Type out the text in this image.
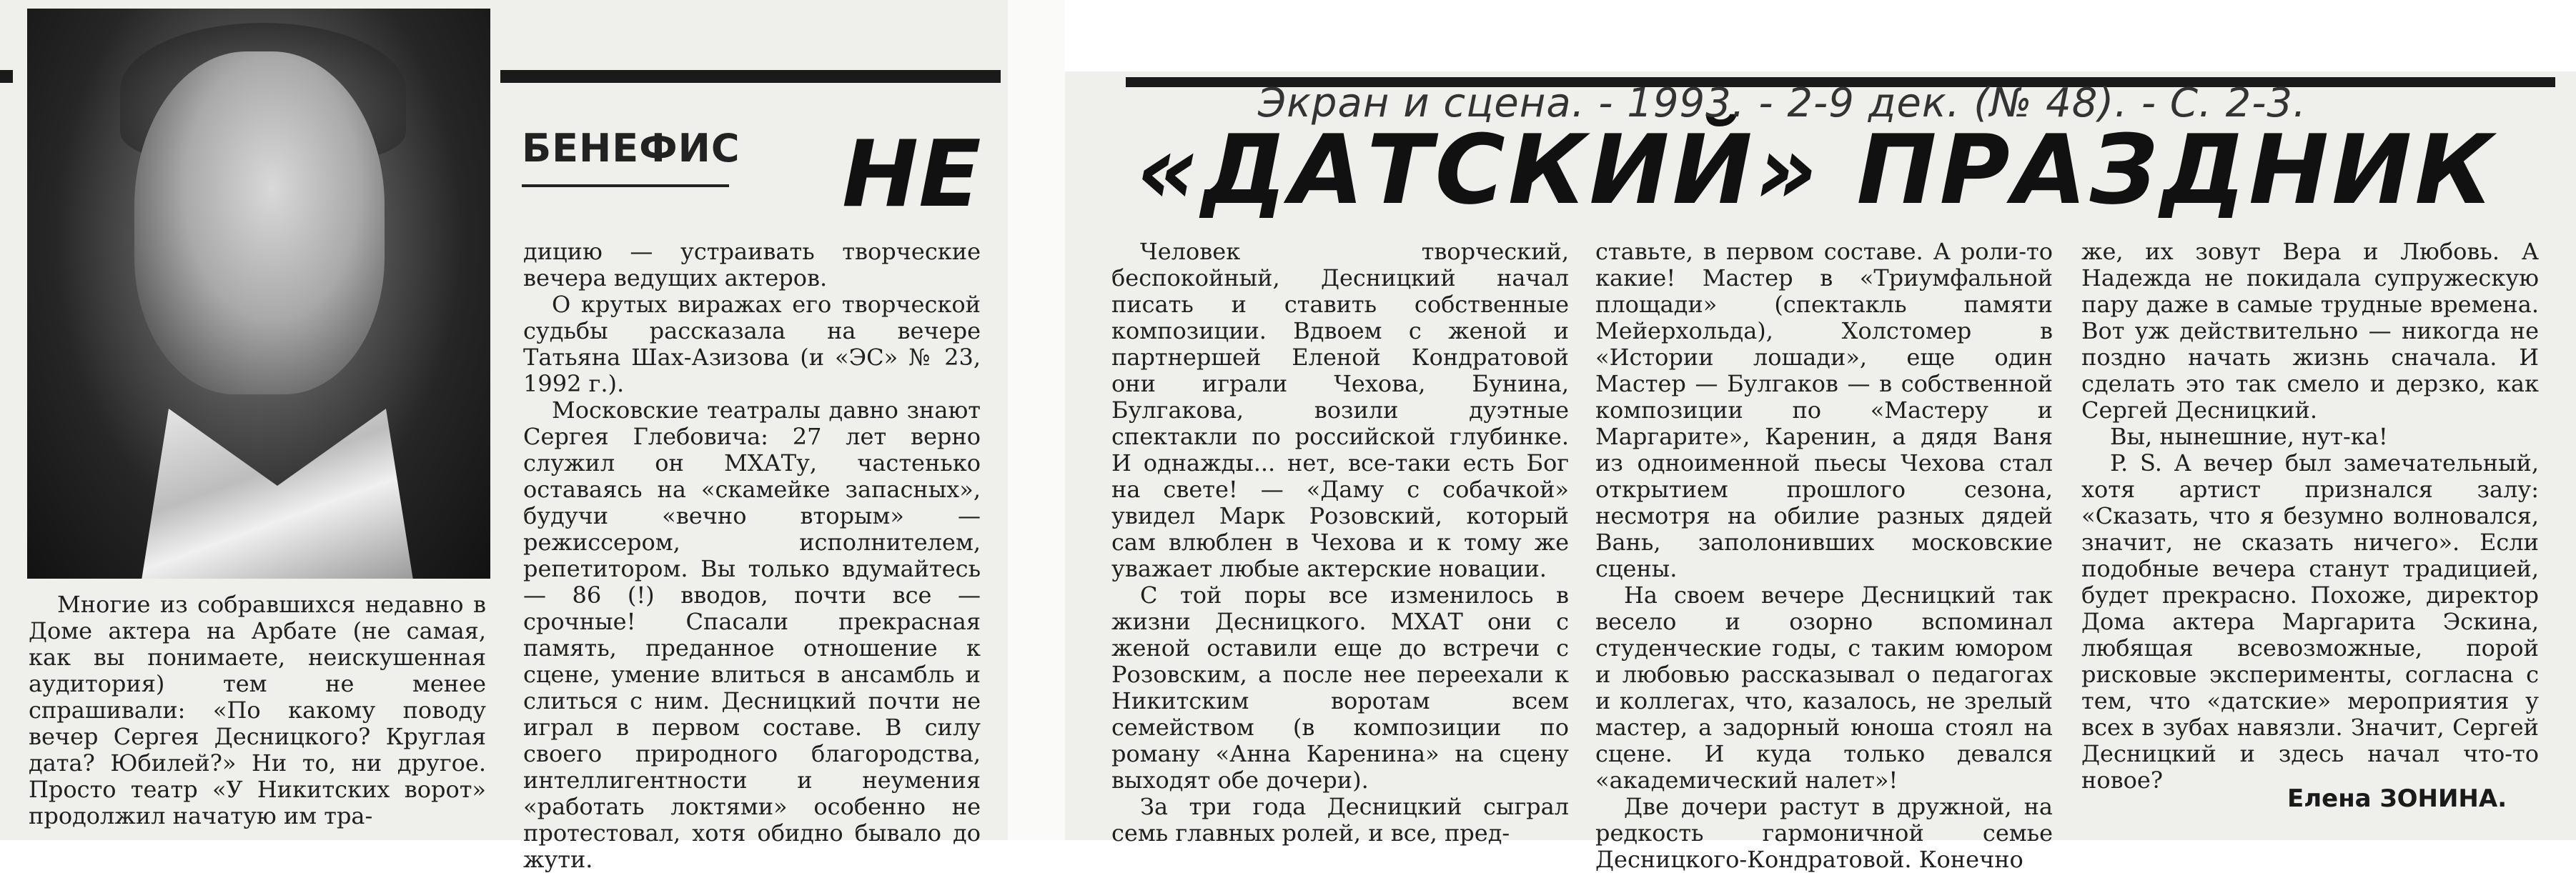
БЕНЕФИС НЕ «ДАТСКИЙ» ПРАЗДНИК
Экран и сцена. - 1993. - 2-9 дек. (№ 48). - С. 2-3.

Многие из собравшихся недавно в Доме актера на Арбате (не самая, как вы понимаете, неискушенная аудитория) тем не менее спрашивали: «По какому поводу вечер Сергея Десницкого? Круглая дата? Юбилей?» Ни то, ни другое. Просто театр «У Никитских ворот» продолжил начатую им тра-

дицию — устраивать творческие вечера ведущих актеров.

О крутых виражах его творческой судьбы рассказала на вечере Татьяна Шах-Азизова (и «ЭС» № 23, 1992 г.).

Московские театралы давно знают Сергея Глебовича: 27 лет верно служил он МХАТу, частенько оставаясь на «скамейке запасных», будучи «вечно вторым» — режиссером, исполнителем, репетитором. Вы только вдумайтесь — 86 (!) вводов, почти все — срочные! Спасали прекрасная память, преданное отношение к сцене, умение влиться в ансамбль и слиться с ним. Десницкий почти не играл в первом составе. В силу своего природного благородства, интеллигентности и неумения «работать локтями» особенно не протестовал, хотя обидно бывало до жути.

Человек творческий, беспокойный, Десницкий начал писать и ставить собственные композиции. Вдвоем с женой и партнершей Еленой Кондратовой они играли Чехова, Бунина, Булгакова, возили дуэтные спектакли по российской глубинке. И однажды... нет, все-таки есть Бог на свете! — «Даму с собачкой» увидел Марк Розовский, который сам влюблен в Чехова и к тому же уважает любые актерские новации.

С той поры все изменилось в жизни Десницкого. МХАТ они с женой оставили еще до встречи с Розовским, а после нее переехали к Никитским воротам всем семейством (в композиции по роману «Анна Каренина» на сцену выходят обе дочери).

За три года Десницкий сыграл семь главных ролей, и все, пред-

ставьте, в первом составе. А роли-то какие! Мастер в «Триумфальной площади» (спектакль памяти Мейерхольда), Холстомер в «Истории лошади», еще один Мастер — Булгаков — в собственной композиции по «Мастеру и Маргарите», Каренин, а дядя Ваня из одноименной пьесы Чехова стал открытием прошлого сезона, несмотря на обилие разных дядей Вань, заполонивших московские сцены.

На своем вечере Десницкий так весело и озорно вспоминал студенческие годы, с таким юмором и любовью рассказывал о педагогах и коллегах, что, казалось, не зрелый мастер, а задорный юноша стоял на сцене. И куда только девался «академический налет»!

Две дочери растут в дружной, на редкость гармоничной семье Десницкого-Кондратовой. Конечно

же, их зовут Вера и Любовь. А Надежда не покидала супружескую пару даже в самые трудные времена. Вот уж действительно — никогда не поздно начать жизнь сначала. И сделать это так смело и дерзко, как Сергей Десницкий.

Вы, нынешние, нут-ка!

P. S. А вечер был замечательный, хотя артист признался залу: «Сказать, что я безумно волновался, значит, не сказать ничего». Если подобные вечера станут традицией, будет прекрасно. Похоже, директор Дома актера Маргарита Эскина, любящая всевозможные, порой рисковые эксперименты, согласна с тем, что «датские» мероприятия у всех в зубах навязли. Значит, Сергей Десницкий и здесь начал что-то новое?

Елена ЗОНИНА.
